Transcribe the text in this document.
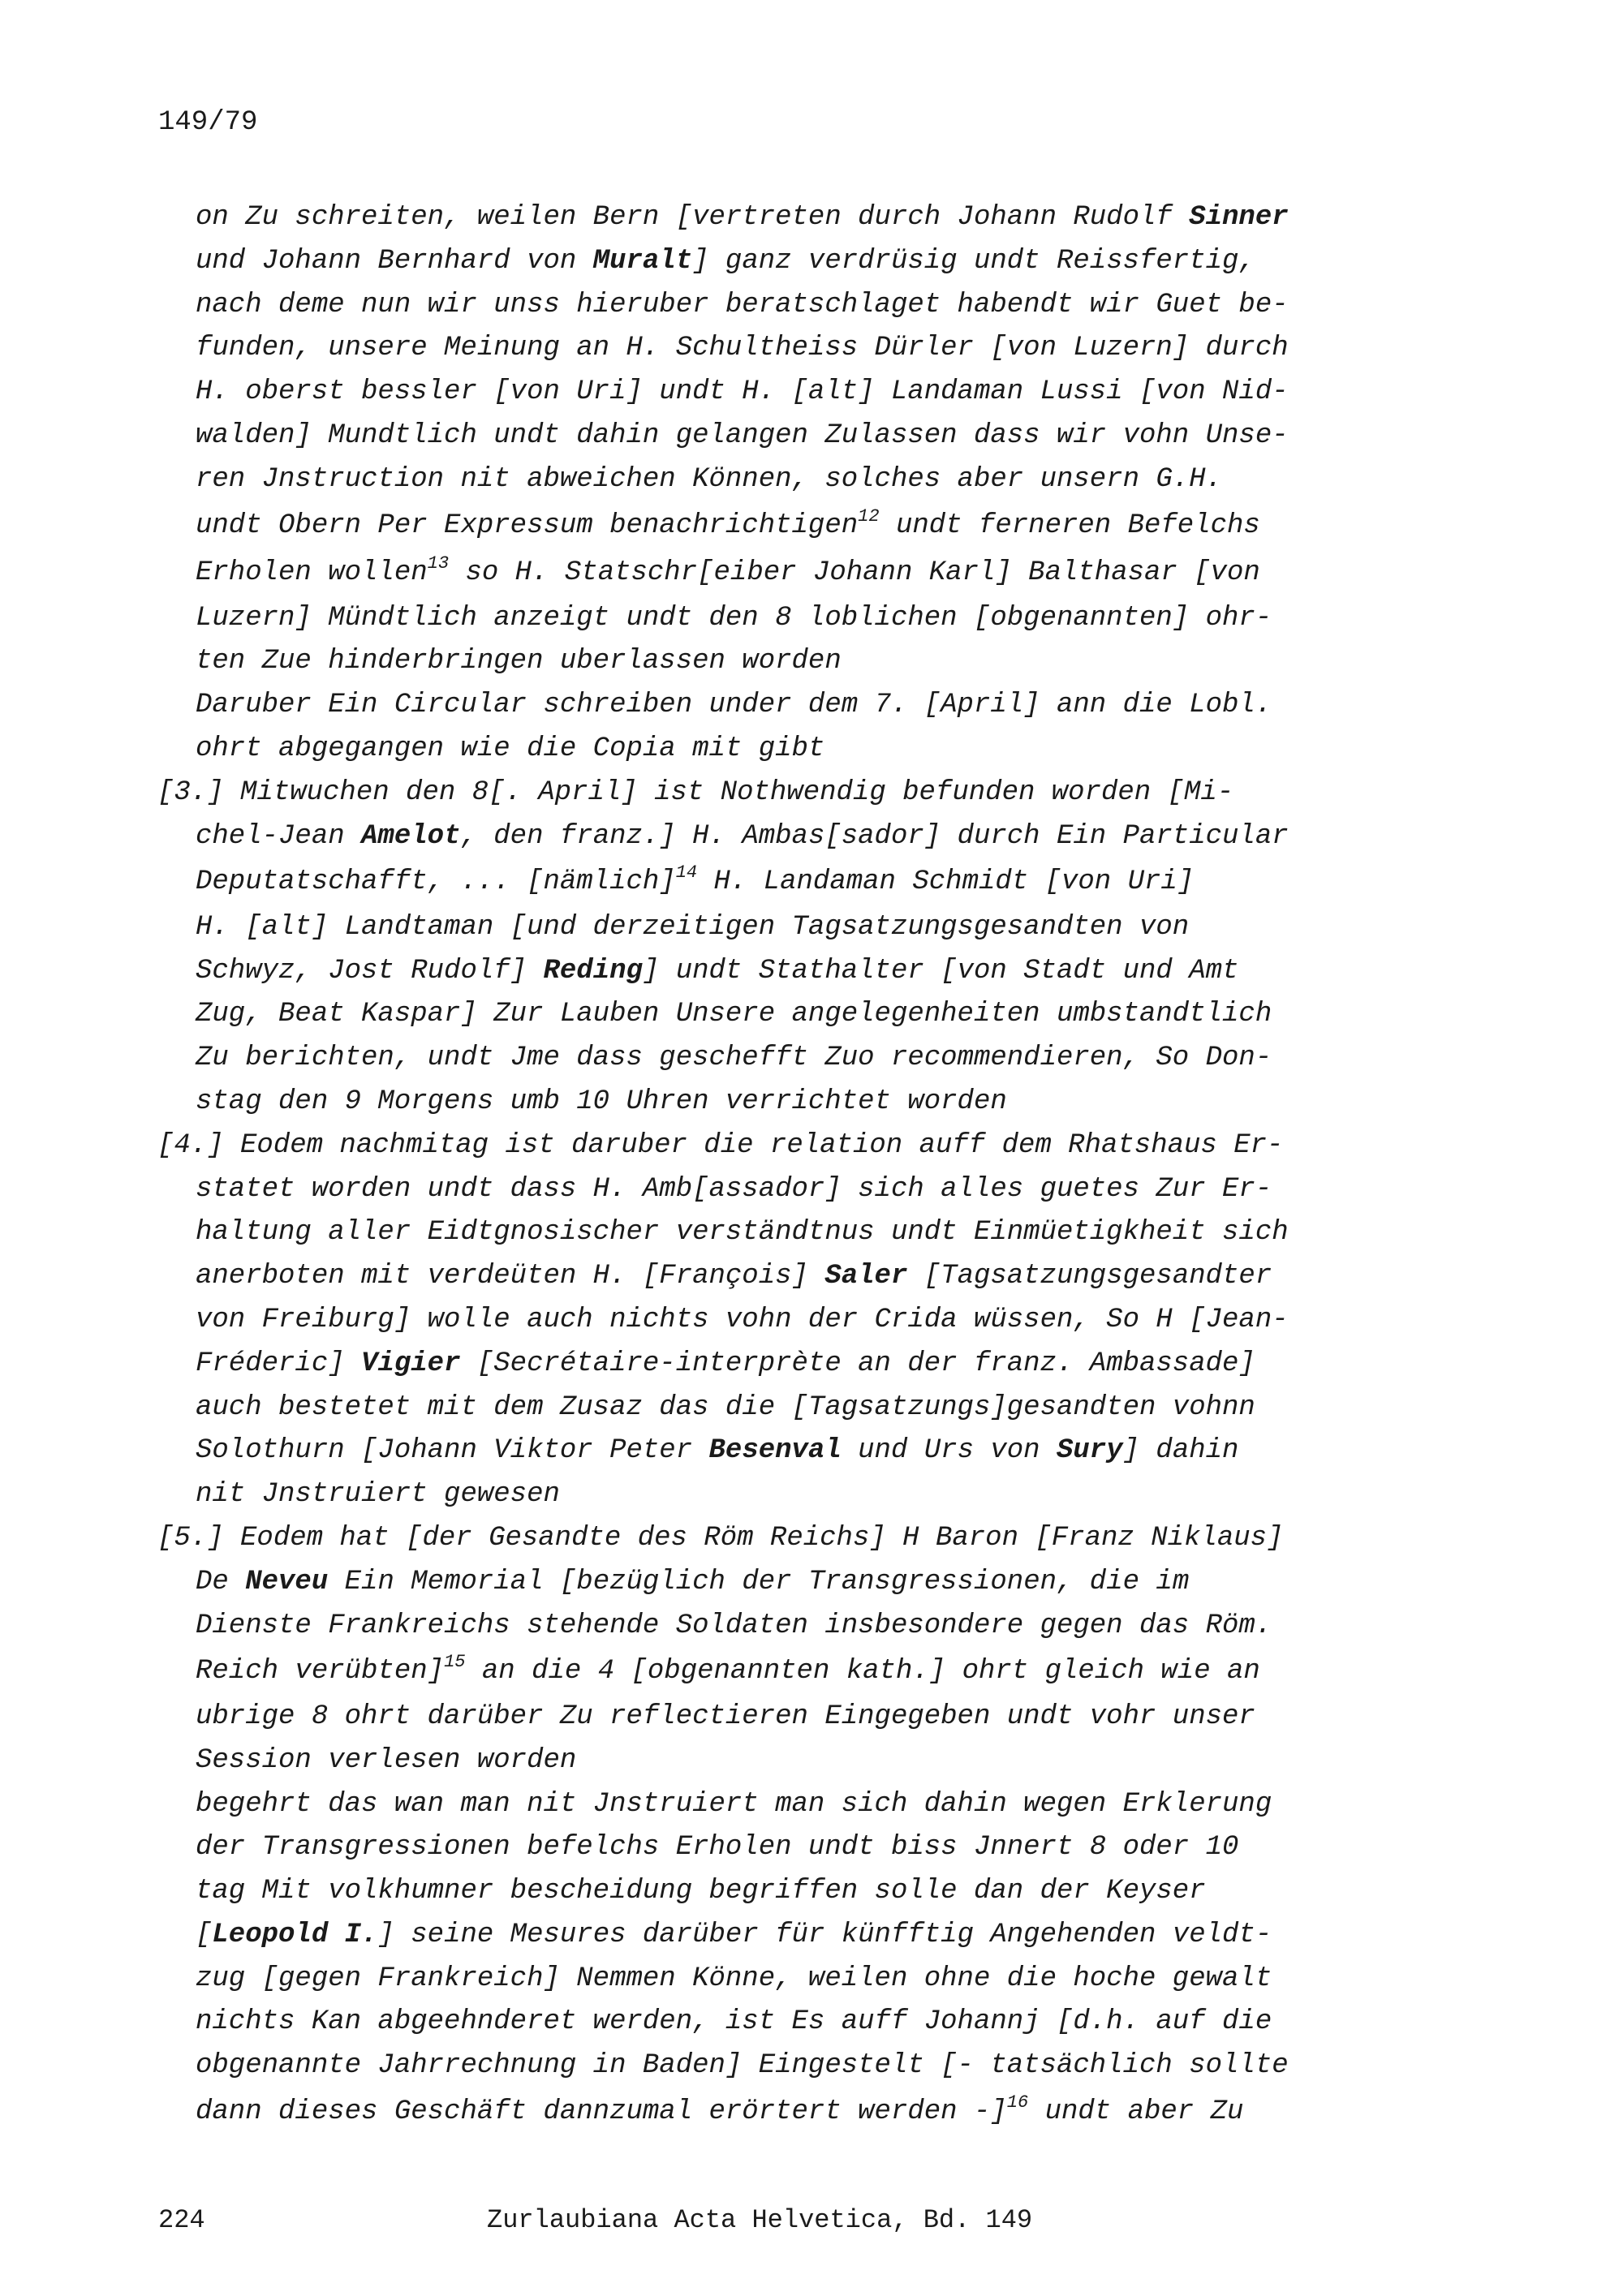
149/79
on Zu schreiten, weilen Bern [vertreten durch Johann Rudolf Sinner
und Johann Bernhard von Muralt] ganz verdrüsig undt Reissfertig,
nach deme nun wir unss hieruber beratschlaget habendt wir Guet be-
funden, unsere Meinung an H. Schultheiss Dürler [von Luzern] durch
H. oberst bessler [von Uri] undt H. [alt] Landaman Lussi [von Nid-
walden] Mundtlich undt dahin gelangen Zulassen dass wir vohn Unse-
ren Jnstruction nit abweichen Können, solches aber unsern G.H.
undt Obern Per Expressum benachrichtigen$^{12}$ undt ferneren Befelchs
Erholen wollen$^{13}$ so H. Statschr[eiber Johann Karl] Balthasar [von
Luzern] Mündtlich anzeigt undt den 8 loblichen [obgenannten] ohr-
ten Zue hinderbringen uberlassen worden
Daruber Ein Circular schreiben under dem 7. [April] ann die Lobl.
ohrt abgegangen wie die Copia mit gibt
[3.] Mitwuchen den 8[. April] ist Nothwendig befunden worden [Mi-
chel-Jean Amelot, den franz.] H. Ambas[sador] durch Ein Particular
Deputatschafft, ... [nämlich]$^{14}$ H. Landaman Schmidt [von Uri]
H. [alt] Landtaman [und derzeitigen Tagsatzungsgesandten von
Schwyz, Jost Rudolf] Reding] undt Stathalter [von Stadt und Amt
Zug, Beat Kaspar] Zur Lauben Unsere angelegenheiten umbstandtlich
Zu berichten, undt Jme dass geschefft Zuo recommendieren, So Don-
stag den 9 Morgens umb 10 Uhren verrichtet worden
[4.] Eodem nachmitag ist daruber die relation auff dem Rhatshaus Er-
statet worden undt dass H. Amb[assador] sich alles guetes Zur Er-
haltung aller Eidtgnosischer verständtnus undt Einmüetigkheit sich
anerboten mit verdeüten H. [François] Saler [Tagsatzungsgesandter
von Freiburg] wolle auch nichts vohn der Crida wüssen, So H [Jean-
Fréderic] Vigier [Secrétaire-interprète an der franz. Ambassade]
auch bestetet mit dem Zusaz das die [Tagsatzungs]gesandten vohnn
Solothurn [Johann Viktor Peter Besenval und Urs von Sury] dahin
nit Jnstruiert gewesen
[5.] Eodem hat [der Gesandte des Röm Reichs] H Baron [Franz Niklaus]
De Neveu Ein Memorial [bezüglich der Transgressionen, die im
Dienste Frankreichs stehende Soldaten insbesondere gegen das Röm.
Reich verübten]$^{15}$ an die 4 [obgenannten kath.] ohrt gleich wie an
ubrige 8 ohrt darüber Zu reflectieren Eingegeben undt vohr unser
Session verlesen worden
begehrt das wan man nit Jnstruiert man sich dahin wegen Erklerung
der Transgressionen befelchs Erholen undt biss Jnnert 8 oder 10
tag Mit volkhumner bescheidung begriffen solle dan der Keyser
[Leopold I.] seine Mesures darüber für künfftig Angehenden veldt-
zug [gegen Frankreich] Nemmen Könne, weilen ohne die hoche gewalt
nichts Kan abgeehnderet werden, ist Es auff Johannj [d.h. auf die
obgenannte Jahrrechnung in Baden] Eingestelt [- tatsächlich sollte
dann dieses Geschäft dannzumal erörtert werden -]$^{16}$ undt aber Zu
224	Zurlaubiana Acta Helvetica, Bd. 149
